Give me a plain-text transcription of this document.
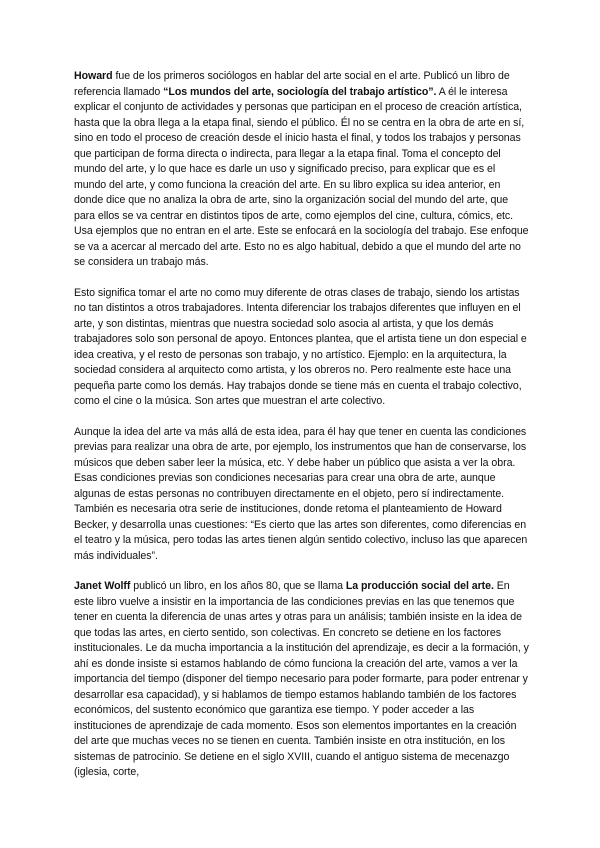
Howard fue de los primeros sociólogos en hablar del arte social en el arte. Publicó un libro de referencia llamado “Los mundos del arte, sociología del trabajo artístico”. A él le interesa explicar el conjunto de actividades y personas que participan en el proceso de creación artística, hasta que la obra llega a la etapa final, siendo el público. Él no se centra en la obra de arte en sí, sino en todo el proceso de creación desde el inicio hasta el final, y todos los trabajos y personas que participan de forma directa o indirecta, para llegar a la etapa final. Toma el concepto del mundo del arte, y lo que hace es darle un uso y significado preciso, para explicar que es el mundo del arte, y como funciona la creación del arte. En su libro explica su idea anterior, en donde dice que no analiza la obra de arte, sino la organización social del mundo del arte, que para ellos se va centrar en distintos tipos de arte, como ejemplos del cine, cultura, cómics, etc. Usa ejemplos que no entran en el arte. Este se enfocará en la sociología del trabajo. Ese enfoque se va a acercar al mercado del arte. Esto no es algo habitual, debido a que el mundo del arte no se considera un trabajo más.

Esto significa tomar el arte no como muy diferente de otras clases de trabajo, siendo los artistas no tan distintos a otros trabajadores. Intenta diferenciar los trabajos diferentes que influyen en el arte, y son distintas, mientras que nuestra sociedad solo asocia al artista, y que los demás trabajadores solo son personal de apoyo. Entonces plantea, que el artista tiene un don especial e idea creativa, y el resto de personas son trabajo, y no artístico. Ejemplo: en la arquitectura, la sociedad considera al arquitecto como artista, y los obreros no. Pero realmente este hace una pequeña parte como los demás. Hay trabajos donde se tiene más en cuenta el trabajo colectivo, como el cine o la música. Son artes que muestran el arte colectivo.

Aunque la idea del arte va más allá de esta idea, para él hay que tener en cuenta las condiciones previas para realizar una obra de arte, por ejemplo, los instrumentos que han de conservarse, los músicos que deben saber leer la música, etc. Y debe haber un público que asista a ver la obra. Esas condiciones previas son condiciones necesarias para crear una obra de arte, aunque algunas de estas personas no contribuyen directamente en el objeto, pero sí indirectamente. También es necesaria otra serie de instituciones, donde retoma el planteamiento de Howard Becker, y desarrolla unas cuestiones: “Es cierto que las artes son diferentes, como diferencias en el teatro y la música, pero todas las artes tienen algún sentido colectivo, incluso las que aparecen más individuales”.

Janet Wolff publicó un libro, en los años 80, que se llama La producción social del arte. En este libro vuelve a insistir en la importancia de las condiciones previas en las que tenemos que tener en cuenta la diferencia de unas artes y otras para un análisis; también insiste en la idea de que todas las artes, en cierto sentido, son colectivas. En concreto se detiene en los factores institucionales. Le da mucha importancia a la institución del aprendizaje, es decir a la formación, y ahí es donde insiste si estamos hablando de cómo funciona la creación del arte, vamos a ver la importancia del tiempo (disponer del tiempo necesario para poder formarte, para poder entrenar y desarrollar esa capacidad), y si hablamos de tiempo estamos hablando también de los factores económicos, del sustento económico que garantiza ese tiempo. Y poder acceder a las instituciones de aprendizaje de cada momento. Esos son elementos importantes en la creación del arte que muchas veces no se tienen en cuenta. También insiste en otra institución, en los sistemas de patrocinio. Se detiene en el siglo XVIII, cuando el antiguo sistema de mecenazgo (iglesia, corte,
